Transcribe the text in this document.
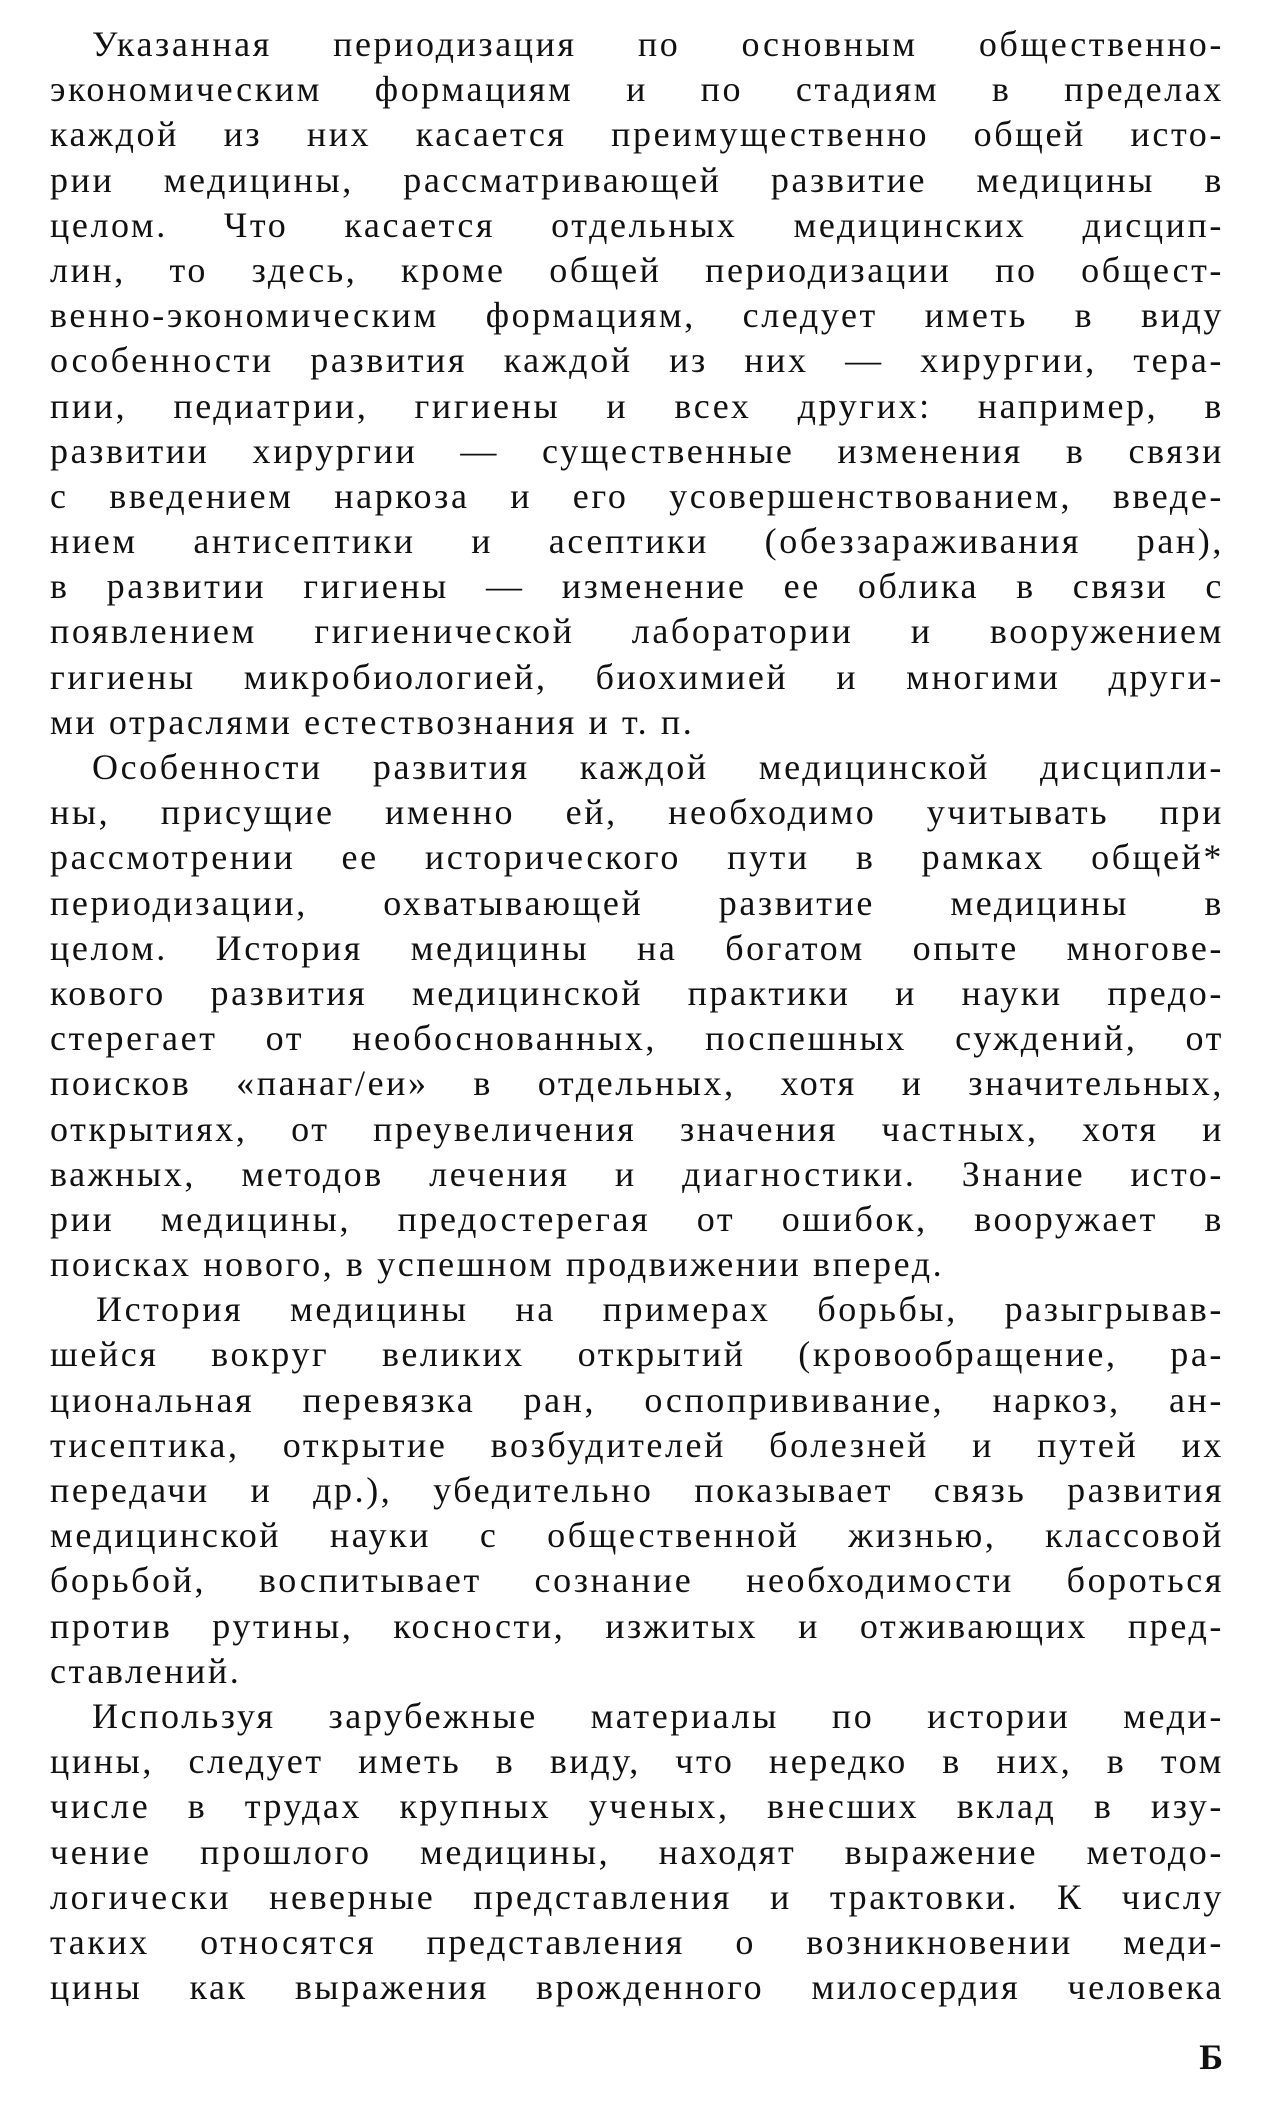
Указанная периодизация по основным общественно-
экономическим формациям и по стадиям в пределах
каждой из них касается преимущественно общей исто-
рии медицины, рассматривающей развитие медицины в
целом. Что касается отдельных медицинских дисцип-
лин, то здесь, кроме общей периодизации по общест-
венно-экономическим формациям, следует иметь в виду
особенности развития каждой из них — хирургии, тера-
пии, педиатрии, гигиены и всех других: например, в
развитии хирургии — существенные изменения в связи
с введением наркоза и его усовершенствованием, введе-
нием антисептики и асептики (обеззараживания ран),
в развитии гигиены — изменение ее облика в связи с
появлением гигиенической лаборатории и вооружением
гигиены микробиологией, биохимией и многими други-
ми отраслями естествознания и т. п.
Особенности развития каждой медицинской дисципли-
ны, присущие именно ей, необходимо учитывать при
рассмотрении ее исторического пути в рамках общей*
периодизации, охватывающей развитие медицины в
целом. История медицины на богатом опыте многове-
кового развития медицинской практики и науки предо-
стерегает от необоснованных, поспешных суждений, от
поисков «панаг/еи» в отдельных, хотя и значительных,
открытиях, от преувеличения значения частных, хотя и
важных, методов лечения и диагностики. Знание исто-
рии медицины, предостерегая от ошибок, вооружает в
поисках нового, в успешном продвижении вперед.
История медицины на примерах борьбы, разыгрывав-
шейся вокруг великих открытий (кровообращение, ра-
циональная перевязка ран, оспопрививание, наркоз, ан-
тисептика, открытие возбудителей болезней и путей их
передачи и др.), убедительно показывает связь развития
медицинской науки с общественной жизнью, классовой
борьбой, воспитывает сознание необходимости бороться
против рутины, косности, изжитых и отживающих пред-
ставлений.
Используя зарубежные материалы по истории меди-
цины, следует иметь в виду, что нередко в них, в том
числе в трудах крупных ученых, внесших вклад в изу-
чение прошлого медицины, находят выражение методо-
логически неверные представления и трактовки. К числу
таких относятся представления о возникновении меди-
цины как выражения врожденного милосердия человека
Б
